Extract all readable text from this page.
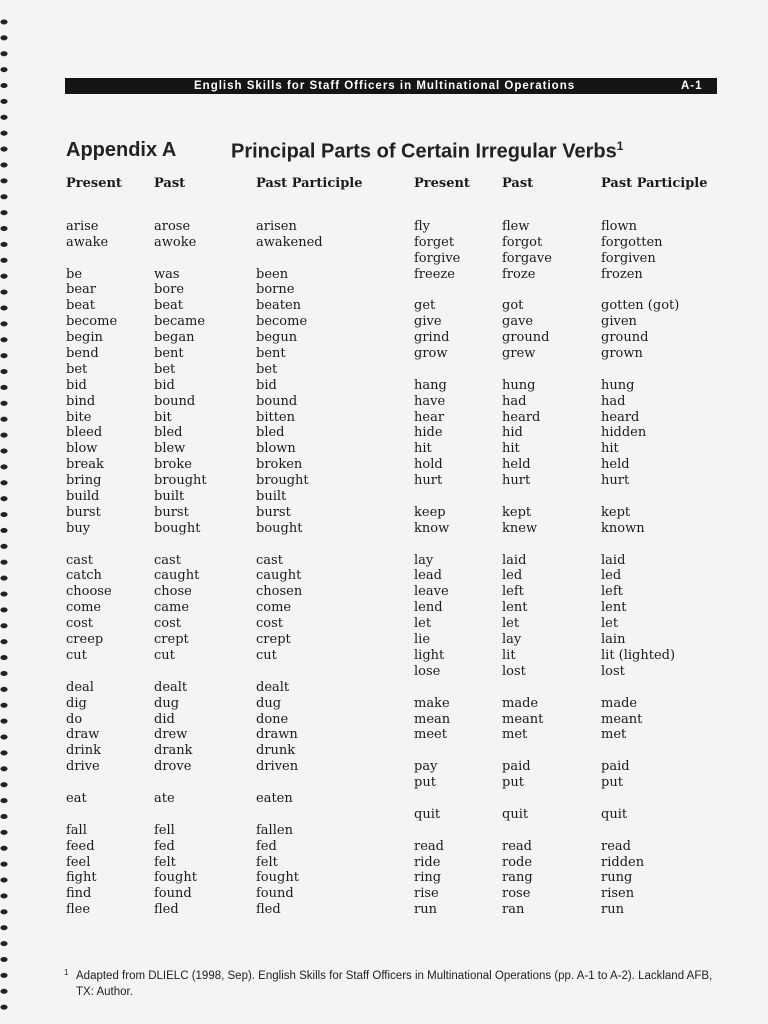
English Skills for Staff Officers in Multinational Operations	A-1
Appendix A	Principal Parts of Certain Irregular Verbs$^1$
Present
arise
awake
be
bear
beat
become
begin
bend
bet
bid
bind
bite
bleed
blow
break
bring
build
burst
buy
cast
catch
choose
come
cost
creep
cut
deal
dig
do
draw
drink
drive
eat
fall
feed
feel
fight
find
flee
Past
arose
awoke
was
bore
beat
became
began
bent
bet
bid
bound
bit
bled
blew
broke
brought
built
burst
bought
cast
caught
chose
came
cost
crept
cut
dealt
dug
did
drew
drank
drove
ate
fell
fed
felt
fought
found
fled
Past Participle
arisen
awakened
been
borne
beaten
become
begun
bent
bet
bid
bound
bitten
bled
blown
broken
brought
built
burst
bought
cast
caught
chosen
come
cost
crept
cut
dealt
dug
done
drawn
drunk
driven
eaten
fallen
fed
felt
fought
found
fled
Present
fly
forget
forgive
freeze
get
give
grind
grow
hang
have
hear
hide
hit
hold
hurt
keep
know
lay
lead
leave
lend
let
lie
light
lose
make
mean
meet
pay
put
quit
read
ride
ring
rise
run
Past
flew
forgot
forgave
froze
got
gave
ground
grew
hung
had
heard
hid
hit
held
hurt
kept
knew
laid
led
left
lent
let
lay
lit
lost
made
meant
met
paid
put
quit
read
rode
rang
rose
ran
Past Participle
flown
forgotten
forgiven
frozen
gotten (got)
given
ground
grown
hung
had
heard
hidden
hit
held
hurt
kept
known
laid
led
left
lent
let
lain
lit (lighted)
lost
made
meant
met
paid
put
quit
read
ridden
rung
risen
run
1 Adapted from DLIELC (1998, Sep). English Skills for Staff Officers in Multinational Operations (pp. A-1 to A-2). Lackland AFB, TX: Author.
